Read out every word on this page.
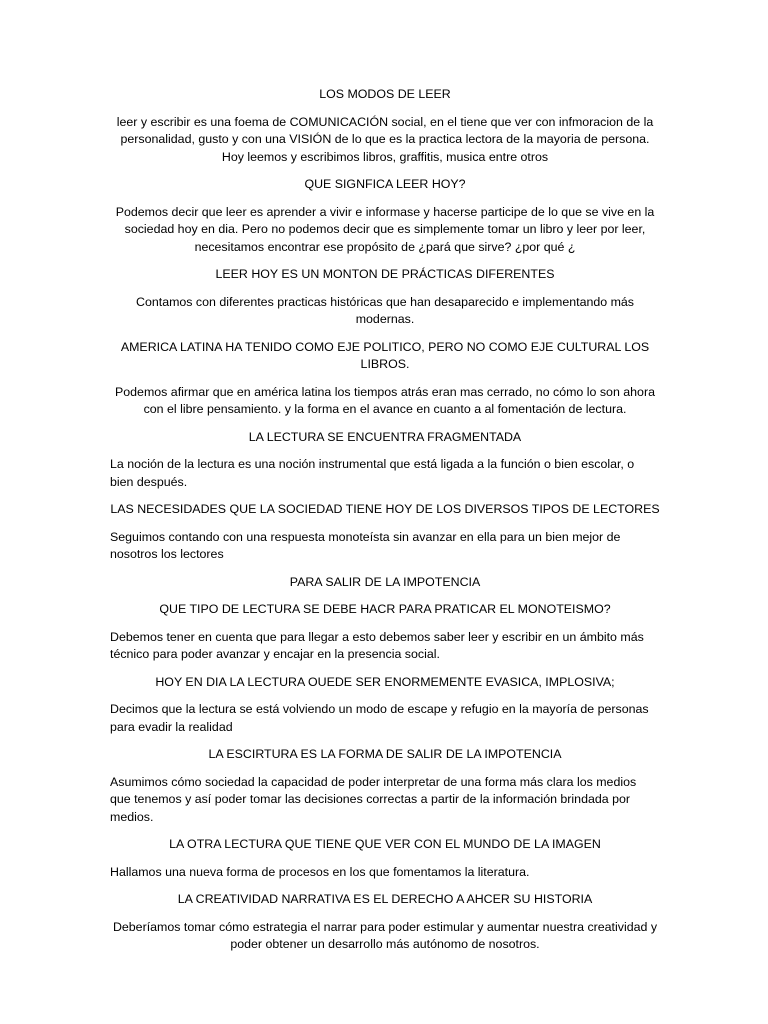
LOS MODOS DE LEER

leer y escribir es una foema de COMUNICACIÓN social, en el tiene que ver con infmoracion de la personalidad, gusto y con una VISIÓN de lo que es la practica lectora de la mayoria de persona. Hoy leemos y escribimos libros, graffitis, musica entre otros

QUE SIGNFICA LEER HOY?

Podemos decir que leer es aprender a vivir e informase y hacerse participe de lo que se vive en la sociedad hoy en dia. Pero no podemos decir que es simplemente tomar un libro y leer por leer, necesitamos encontrar ese propósito de ¿pará que sirve? ¿por qué ¿

LEER HOY ES UN MONTON DE PRÁCTICAS DIFERENTES

Contamos con diferentes practicas históricas que han desaparecido e implementando más modernas.

AMERICA LATINA HA TENIDO COMO EJE POLITICO, PERO NO COMO EJE CULTURAL LOS LIBROS.

Podemos afirmar que en américa latina los tiempos atrás eran mas cerrado, no cómo lo son ahora con el libre pensamiento. y la forma en el avance en cuanto a al fomentación de lectura.

LA LECTURA SE ENCUENTRA FRAGMENTADA

La noción de la lectura es una noción instrumental que está ligada a la función o bien escolar, o bien después.

LAS NECESIDADES QUE LA SOCIEDAD TIENE HOY DE LOS DIVERSOS TIPOS DE LECTORES

Seguimos contando con una respuesta monoteísta sin avanzar en ella para un bien mejor de nosotros los lectores

PARA SALIR DE LA IMPOTENCIA

QUE TIPO DE LECTURA SE DEBE HACR PARA PRATICAR EL MONOTEISMO?

Debemos tener en cuenta que para llegar a esto debemos saber leer y escribir en un ámbito más técnico para poder avanzar y encajar en la presencia social.

HOY EN DIA LA LECTURA OUEDE SER ENORMEMENTE EVASICA, IMPLOSIVA;

Decimos que la lectura se está volviendo un modo de escape y refugio en la mayoría de personas para evadir la realidad

LA ESCIRTURA ES LA FORMA DE SALIR DE LA IMPOTENCIA

Asumimos cómo sociedad la capacidad de poder interpretar de una forma más clara los medios que tenemos y así poder tomar las decisiones correctas a partir de la información brindada por medios.

LA OTRA LECTURA QUE TIENE QUE VER CON EL MUNDO DE LA IMAGEN

Hallamos una nueva forma de procesos en los que fomentamos la literatura.

LA CREATIVIDAD NARRATIVA ES EL DERECHO A AHCER SU HISTORIA

Deberíamos tomar cómo estrategia el narrar para poder estimular y aumentar nuestra creatividad y poder obtener un desarrollo más autónomo de nosotros.
